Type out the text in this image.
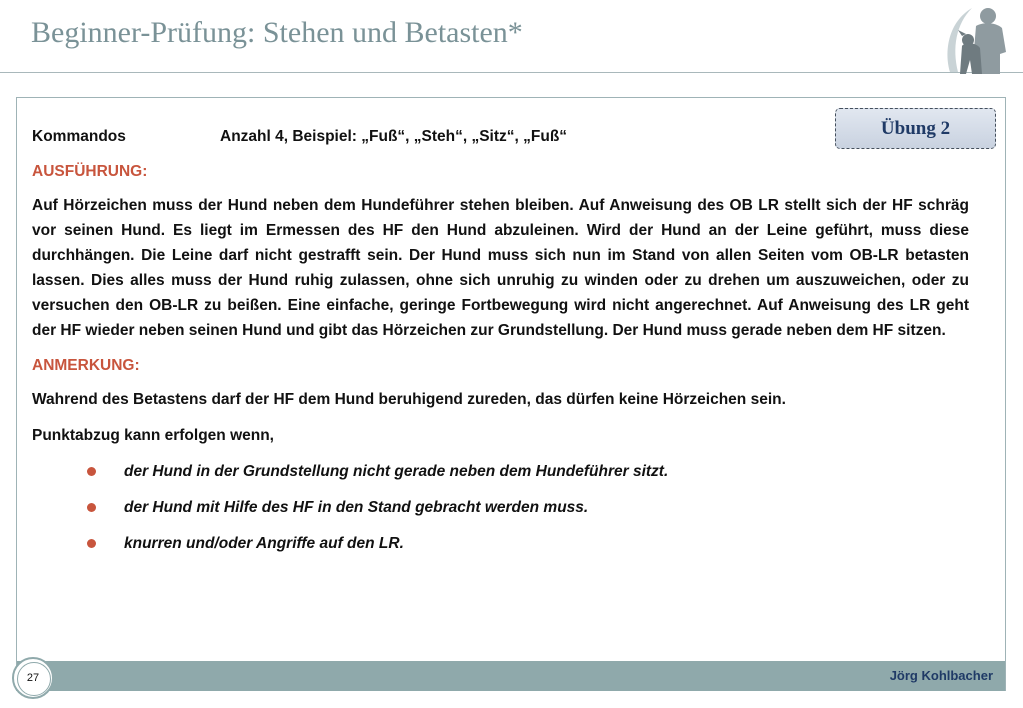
Beginner-Prüfung: Stehen und Betasten*
Übung 2
Kommandos	Anzahl 4, Beispiel: „Fuß“, „Steh“, „Sitz“, „Fuß“
AUSFÜHRUNG:
Auf Hörzeichen muss der Hund neben dem Hundeführer stehen bleiben. Auf Anweisung des OB LR stellt sich der HF schräg vor seinen Hund. Es liegt im Ermessen des HF den Hund abzuleinen. Wird der Hund an der Leine geführt, muss diese durchhängen. Die Leine darf nicht gestrafft sein. Der Hund muss sich nun im Stand von allen Seiten vom OB-LR betasten lassen. Dies alles muss der Hund ruhig zulassen, ohne sich unruhig zu winden oder zu drehen um auszuweichen, oder zu versuchen den OB-LR zu beißen. Eine einfache, geringe Fortbewegung wird nicht angerechnet. Auf Anweisung des LR geht der HF wieder neben seinen Hund und gibt das Hörzeichen zur Grundstellung. Der Hund muss gerade neben dem HF sitzen.
ANMERKUNG:
Wahrend des Betastens darf der HF dem Hund beruhigend zureden, das dürfen keine Hörzeichen sein.
Punktabzug kann erfolgen wenn,
der Hund in der Grundstellung nicht gerade neben dem Hundeführer sitzt.
der Hund mit Hilfe des HF in den Stand gebracht werden muss.
knurren und/oder Angriffe auf den LR.
Jörg Kohlbacher
27
